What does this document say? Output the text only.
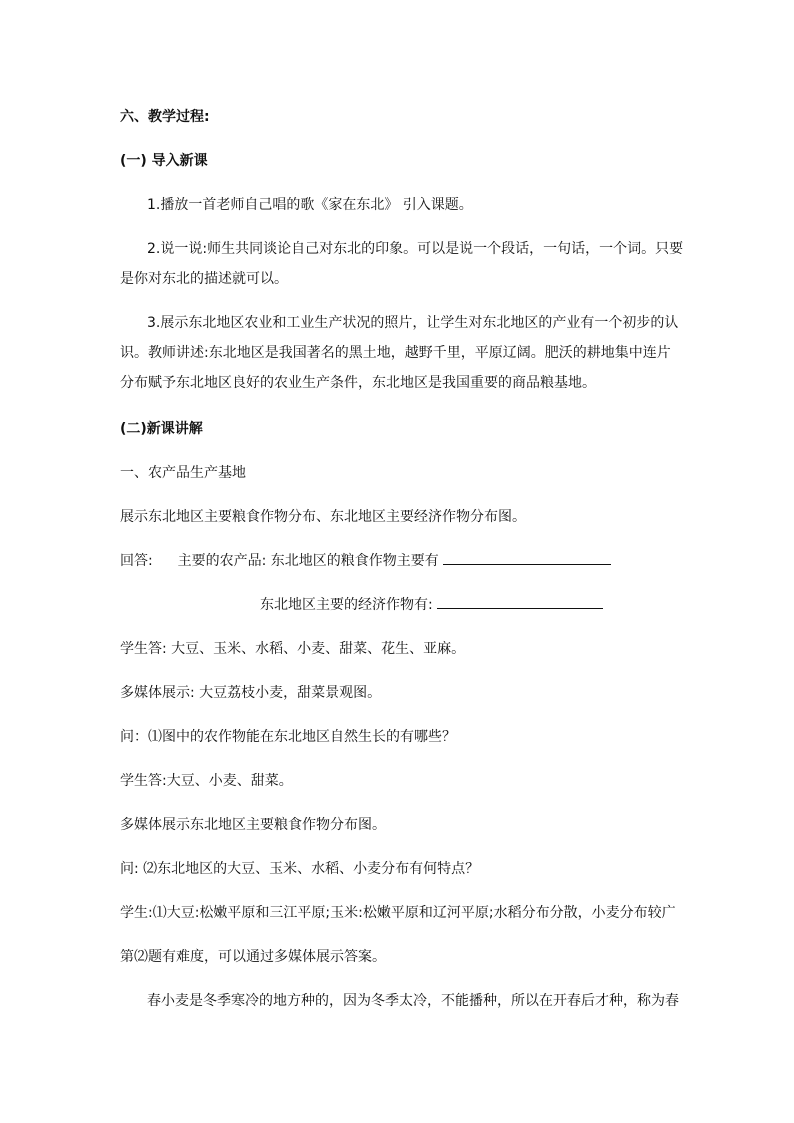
六、教学过程:
(一) 导入新课
1.播放一首老师自己唱的歌《家在东北》 引入课题。
2.说一说:师生共同谈论自己对东北的印象。可以是说一个段话，一句话，一个词。只要
是你对东北的描述就可以。
3.展示东北地区农业和工业生产状况的照片，让学生对东北地区的产业有一个初步的认
识。教师讲述:东北地区是我国著名的黑土地，越野千里，平原辽阔。肥沃的耕地集中连片
分布赋予东北地区良好的农业生产条件，东北地区是我国重要的商品粮基地。
(二)新课讲解
一、农产品生产基地
展示东北地区主要粮食作物分布、东北地区主要经济作物分布图。
回答: 主要的农产品: 东北地区的粮食作物主要有
东北地区主要的经济作物有:
学生答: 大豆、玉米、水稻、小麦、甜菜、花生、亚麻。
多媒体展示: 大豆荔枝小麦，甜菜景观图。
问：⑴图中的农作物能在东北地区自然生长的有哪些？
学生答:大豆、小麦、甜菜。
多媒体展示东北地区主要粮食作物分布图。
问: ⑵东北地区的大豆、玉米、水稻、小麦分布有何特点？
学生:⑴大豆:松嫩平原和三江平原;玉米:松嫩平原和辽河平原;水稻分布分散，小麦分布较广
第⑵题有难度，可以通过多媒体展示答案。
春小麦是冬季寒冷的地方种的，因为冬季太冷，不能播种，所以在开春后才种，称为春
